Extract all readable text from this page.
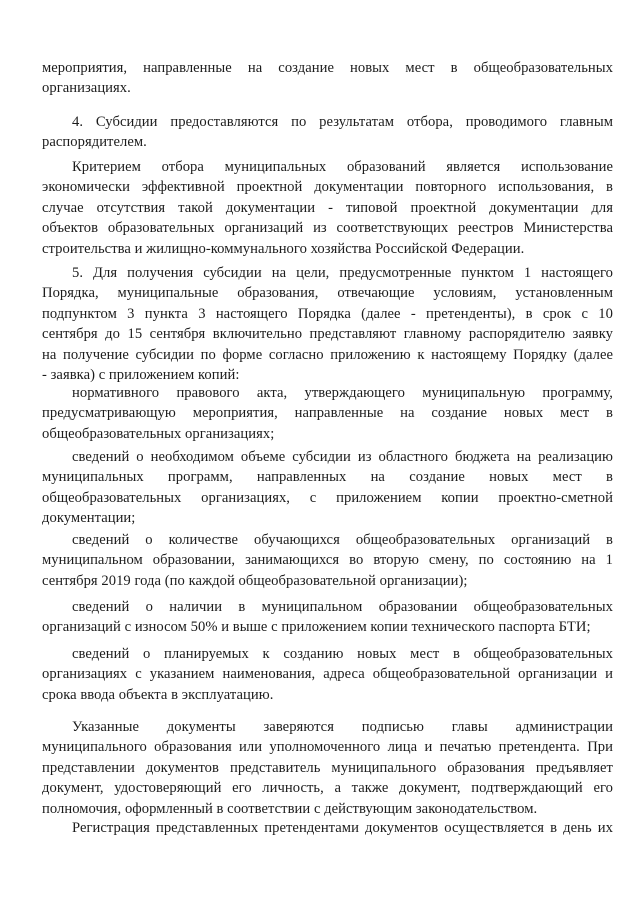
мероприятия, направленные на создание новых мест в общеобразовательных
организациях.
4. Субсидии предоставляются по результатам отбора, проводимого главным
распорядителем.
Критерием отбора муниципальных образований является использование
экономически эффективной проектной документации повторного использования, в
случае отсутствия такой документации - типовой проектной документации для
объектов образовательных организаций из соответствующих реестров Министерства
строительства и жилищно-коммунального хозяйства Российской Федерации.
5. Для получения субсидии на цели, предусмотренные пунктом 1 настоящего
Порядка, муниципальные образования, отвечающие условиям, установленным
подпунктом 3 пункта 3 настоящего Порядка (далее - претенденты), в срок с 10
сентября до 15 сентября включительно представляют главному распорядителю заявку
на получение субсидии по форме согласно приложению к настоящему Порядку (далее
- заявка) с приложением копий:
нормативного правового акта, утверждающего муниципальную программу,
предусматривающую мероприятия, направленные на создание новых мест в
общеобразовательных организациях;
сведений о необходимом объеме субсидии из областного бюджета на реализацию
муниципальных программ, направленных на создание новых мест в
общеобразовательных организациях, с приложением копии проектно-сметной
документации;
сведений о количестве обучающихся общеобразовательных организаций в
муниципальном образовании, занимающихся во вторую смену, по состоянию на 1
сентября 2019 года (по каждой общеобразовательной организации);
сведений о наличии в муниципальном образовании общеобразовательных
организаций с износом 50% и выше с приложением копии технического паспорта БТИ;
сведений о планируемых к созданию новых мест в общеобразовательных
организациях с указанием наименования, адреса общеобразовательной организации и
срока ввода объекта в эксплуатацию.
Указанные документы заверяются подписью главы администрации
муниципального образования или уполномоченного лица и печатью претендента. При
представлении документов представитель муниципального образования предъявляет
документ, удостоверяющий его личность, а также документ, подтверждающий его
полномочия, оформленный в соответствии с действующим законодательством.
Регистрация представленных претендентами документов осуществляется в день их
